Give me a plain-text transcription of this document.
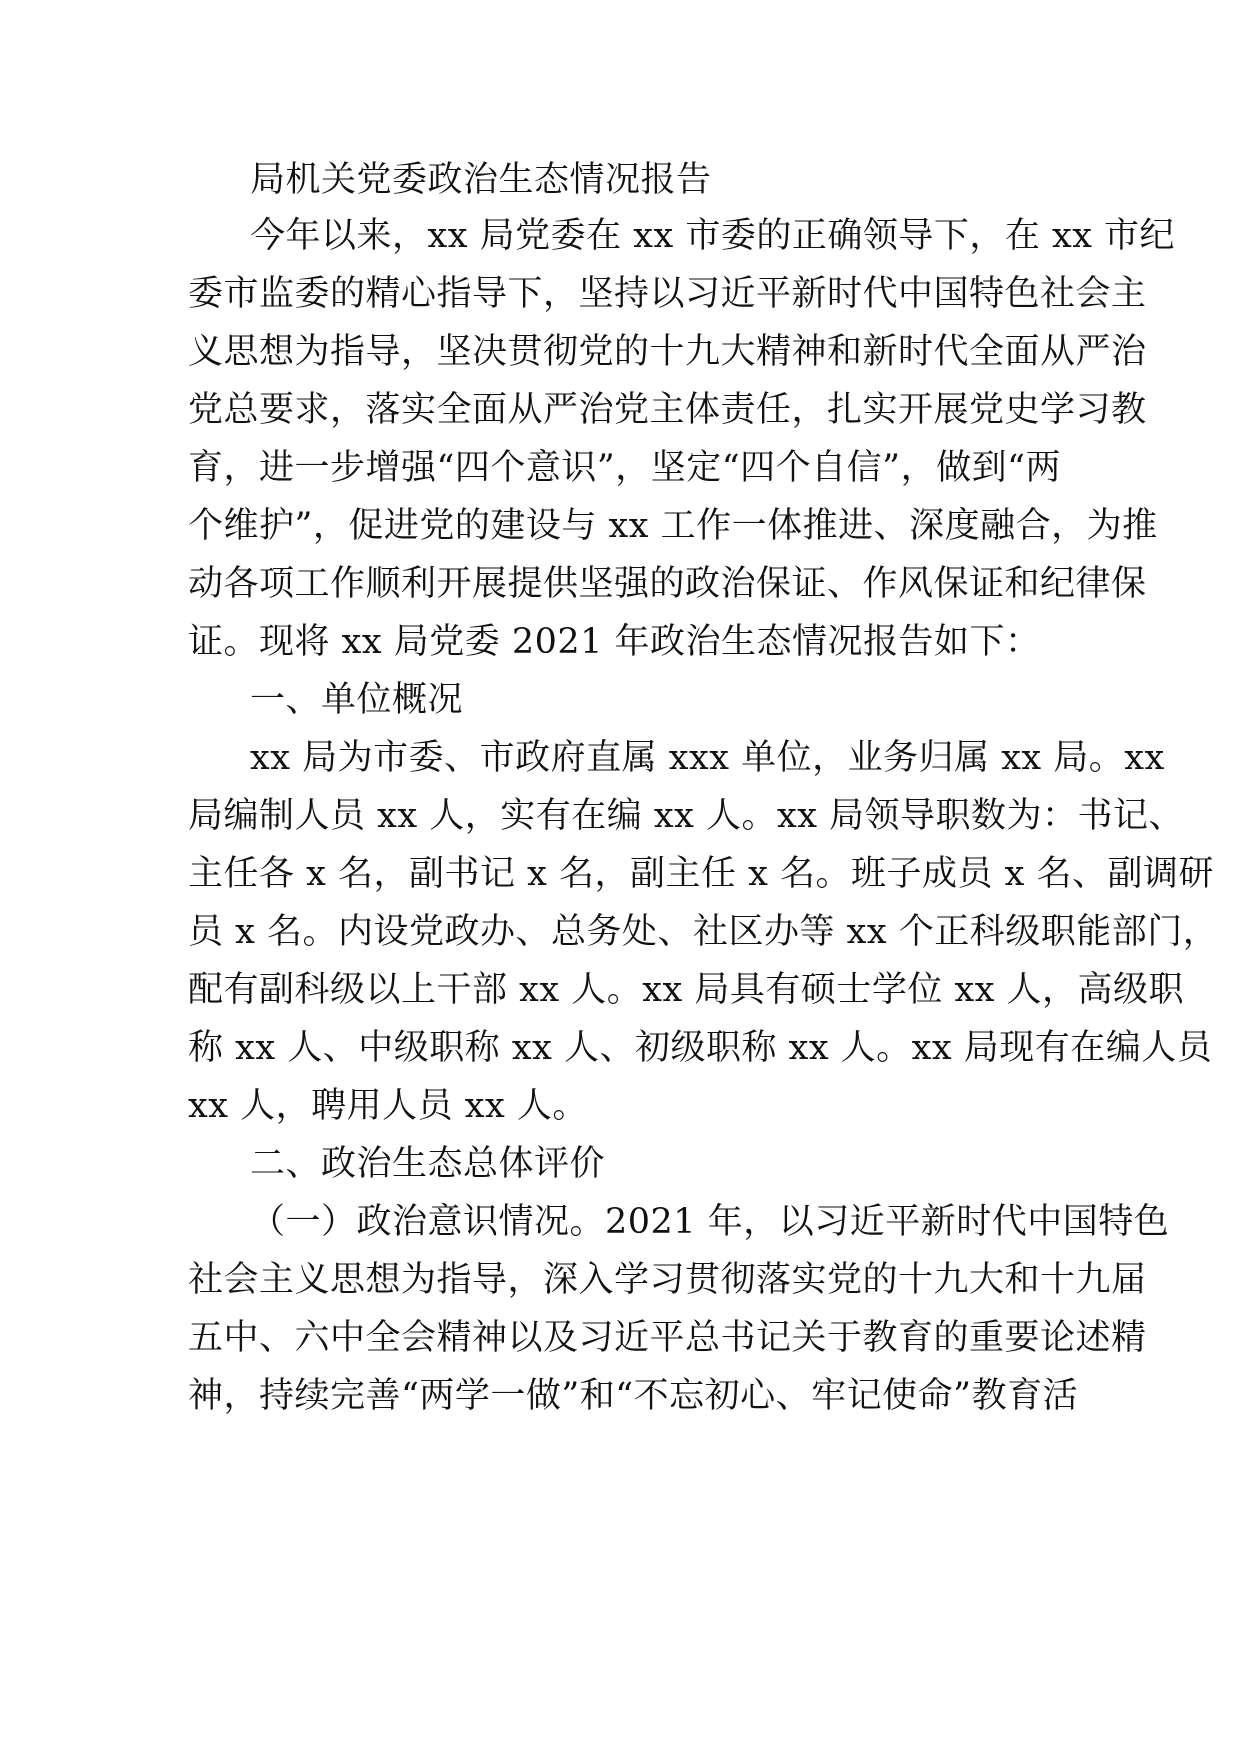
局机关党委政治生态情况报告
今年以来，xx 局党委在 xx 市委的正确领导下，在 xx 市纪
委市监委的精心指导下，坚持以习近平新时代中国特色社会主
义思想为指导，坚决贯彻党的十九大精神和新时代全面从严治
党总要求，落实全面从严治党主体责任，扎实开展党史学习教
育，进一步增强“四个意识”，坚定“四个自信”，做到“两
个维护”，促进党的建设与 xx 工作一体推进、深度融合，为推
动各项工作顺利开展提供坚强的政治保证、作风保证和纪律保
证。现将 xx 局党委 2021 年政治生态情况报告如下：
一、单位概况
xx 局为市委、市政府直属 xxx 单位，业务归属 xx 局。xx
局编制人员 xx 人，实有在编 xx 人。xx 局领导职数为：书记、
主任各 x 名，副书记 x 名，副主任 x 名。班子成员 x 名、副调研
员 x 名。内设党政办、总务处、社区办等 xx 个正科级职能部门，
配有副科级以上干部 xx 人。xx 局具有硕士学位 xx 人，高级职
称 xx 人、中级职称 xx 人、初级职称 xx 人。xx 局现有在编人员
xx 人，聘用人员 xx 人。
二、政治生态总体评价
（一）政治意识情况。2021 年，以习近平新时代中国特色
社会主义思想为指导，深入学习贯彻落实党的十九大和十九届
五中、六中全会精神以及习近平总书记关于教育的重要论述精
神，持续完善“两学一做”和“不忘初心、牢记使命”教育活
